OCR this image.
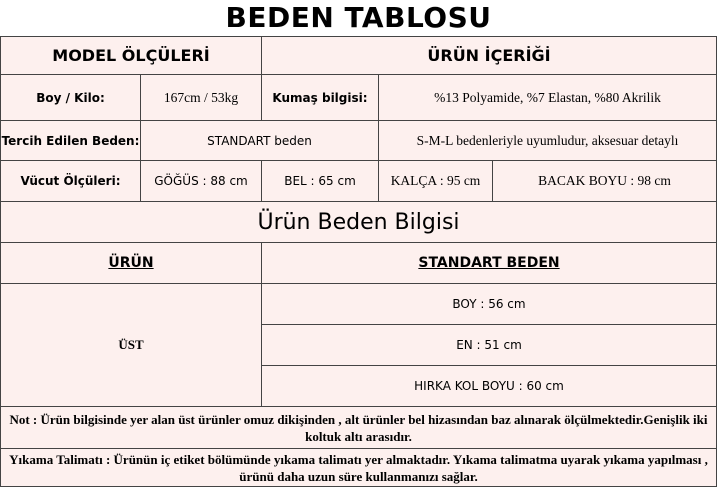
BEDEN TABLOSU
MODEL ÖLÇÜLERİ	ÜRÜN İÇERİĞİ
Boy / Kilo:	167cm / 53kg	Kumaş bilgisi:	%13 Polyamide, %7 Elastan, %80 Akrilik
Tercih Edilen Beden:	STANDART beden	S-M-L bedenleriyle uyumludur, aksesuar detaylı
Vücut Ölçüleri:	GÖĞÜS : 88 cm	BEL : 65 cm	KALÇA : 95 cm	BACAK BOYU : 98 cm
Ürün Beden Bilgisi
ÜRÜN	STANDART BEDEN
ÜST
BOY : 56 cm
EN : 51 cm
HIRKA KOL BOYU : 60 cm
Not : Ürün bilgisinde yer alan üst ürünler omuz dikişinden , alt ürünler bel hizasından baz alınarak ölçülmektedir.Genişlik iki koltuk altı arasıdır.
Yıkama Talimatı : Ürünün iç etiket bölümünde yıkama talimatı yer almaktadır. Yıkama talimatma uyarak yıkama yapılması , ürünü daha uzun süre kullanmanızı sağlar.
